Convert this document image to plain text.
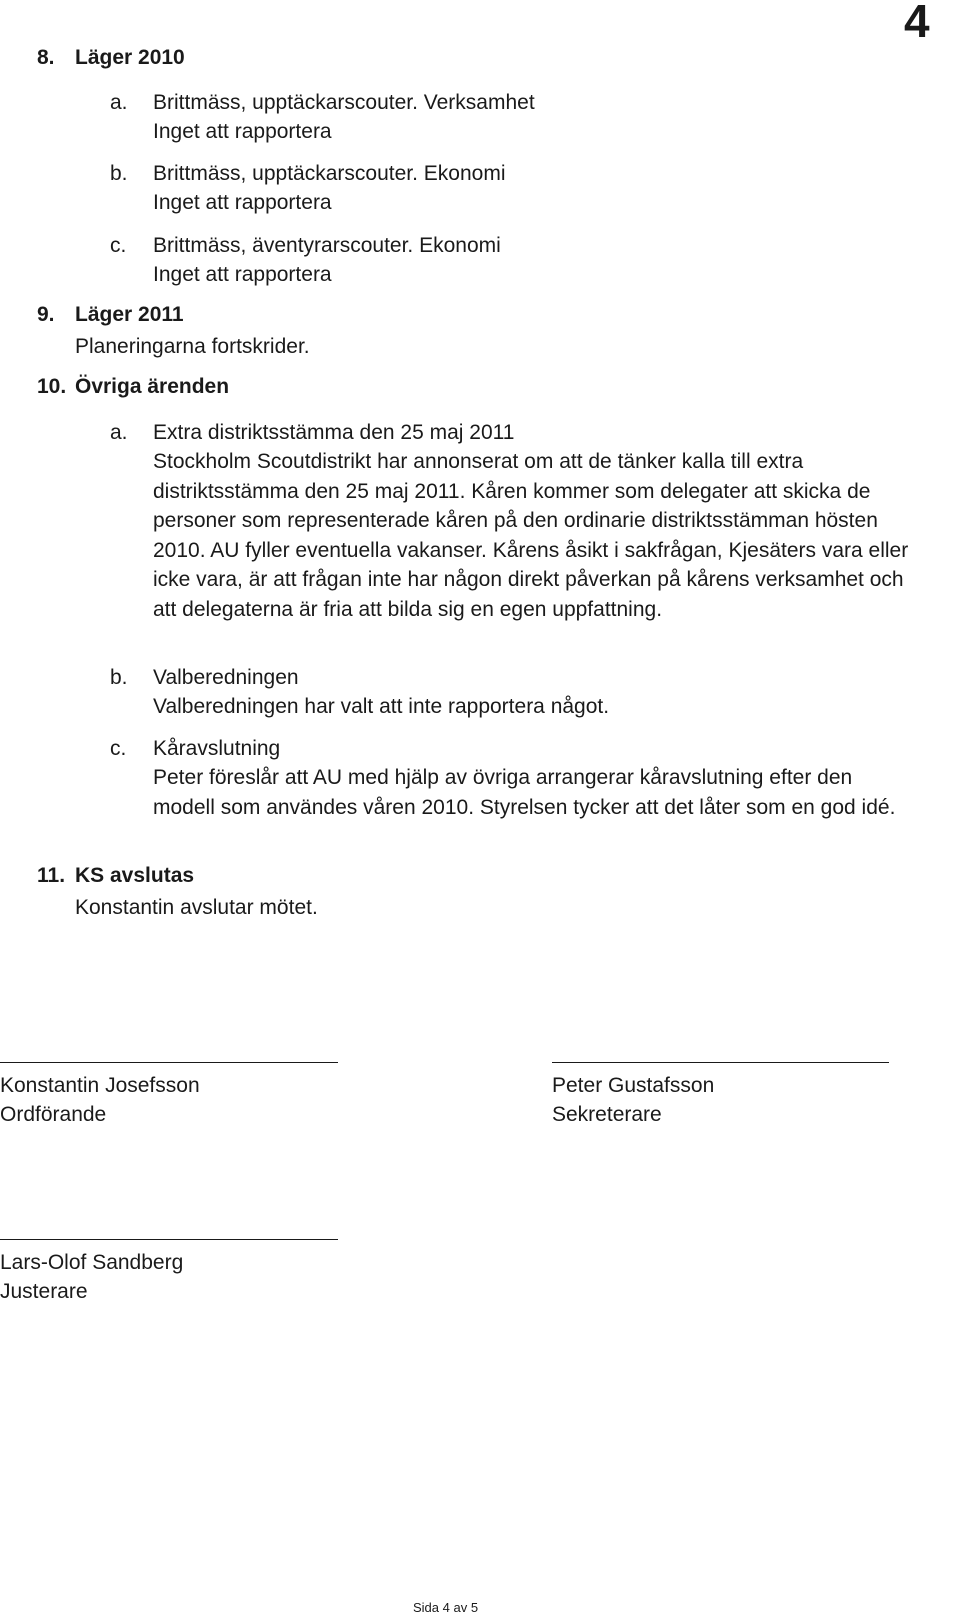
4
8. Läger 2010
a. Brittmäss, upptäckarscouter. Verksamhet
Inget att rapportera
b. Brittmäss, upptäckarscouter. Ekonomi
Inget att rapportera
c. Brittmäss, äventyrarscouter. Ekonomi
Inget att rapportera
9. Läger 2011
Planeringarna fortskrider.
10. Övriga ärenden
a. Extra distriktsstämma den 25 maj 2011
Stockholm Scoutdistrikt har annonserat om att de tänker kalla till extra distriktsstämma den 25 maj 2011. Kåren kommer som delegater att skicka de personer som representerade kåren på den ordinarie distriktsstämman hösten 2010. AU fyller eventuella vakanser. Kårens åsikt i sakfrågan, Kjesäters vara eller icke vara, är att frågan inte har någon direkt påverkan på kårens verksamhet och att delegaterna är fria att bilda sig en egen uppfattning.
b. Valberedningen
Valberedningen har valt att inte rapportera något.
c. Kåravslutning
Peter föreslår att AU med hjälp av övriga arrangerar kåravslutning efter den modell som användes våren 2010. Styrelsen tycker att det låter som en god idé.
11. KS avslutas
Konstantin avslutar mötet.
Konstantin Josefsson
Ordförande
Peter Gustafsson
Sekreterare
Lars-Olof Sandberg
Justerare
Sida 4 av 5
